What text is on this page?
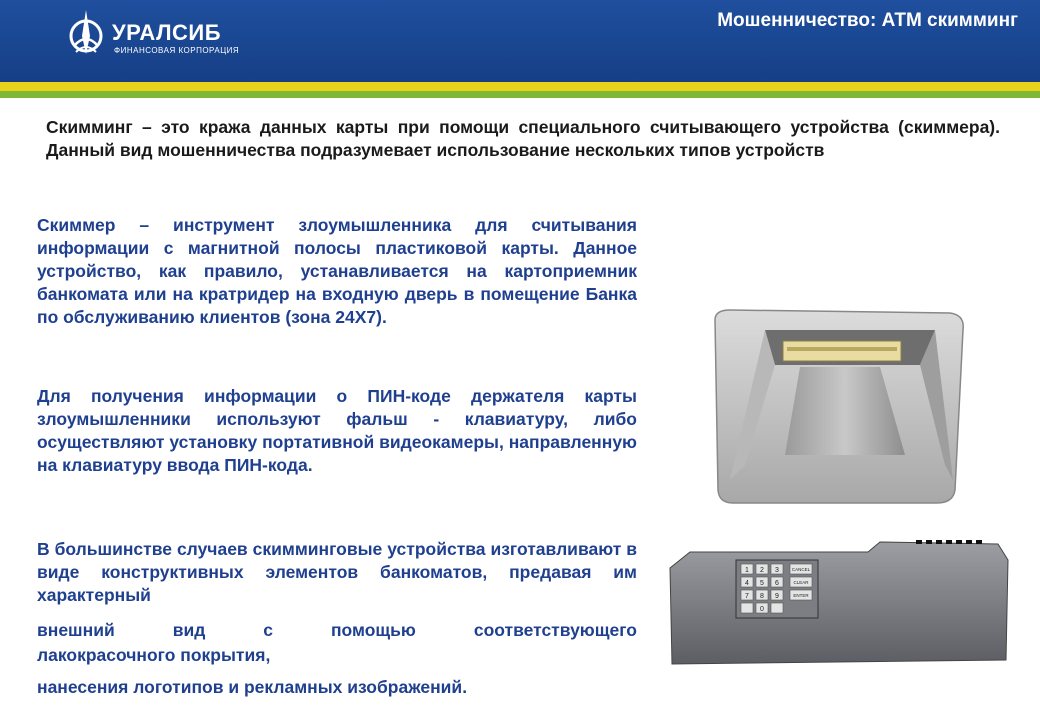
УРАЛСИБ
ФИНАНСОВАЯ КОРПОРАЦИЯ
Мошенничество: АТМ скимминг

Скимминг – это кража данных карты при помощи специального считывающего устройства (скиммера). Данный вид мошенничества подразумевает использование нескольких типов устройств

Скиммер – инструмент злоумышленника для считывания информации с магнитной полосы пластиковой карты. Данное устройство, как правило, устанавливается на картоприемник банкомата или на кратридер на входную дверь в помещение Банка по обслуживанию клиентов (зона 24Х7).

Для получения информации о ПИН-коде держателя карты злоумышленники используют фальш - клавиатуру, либо осуществляют установку портативной видеокамеры, направленную на клавиатуру ввода ПИН-кода.

В большинстве случаев скимминговые устройства изготавливают в виде конструктивных элементов банкоматов, предавая им характерный

внешний вид с помощью соответствующего
лакокрасочного покрытия,
нанесения логотипов и рекламных изображений.
1 2 3
4 5 6
7 8 9
0
CANCEL
CLEAR
ENTER
